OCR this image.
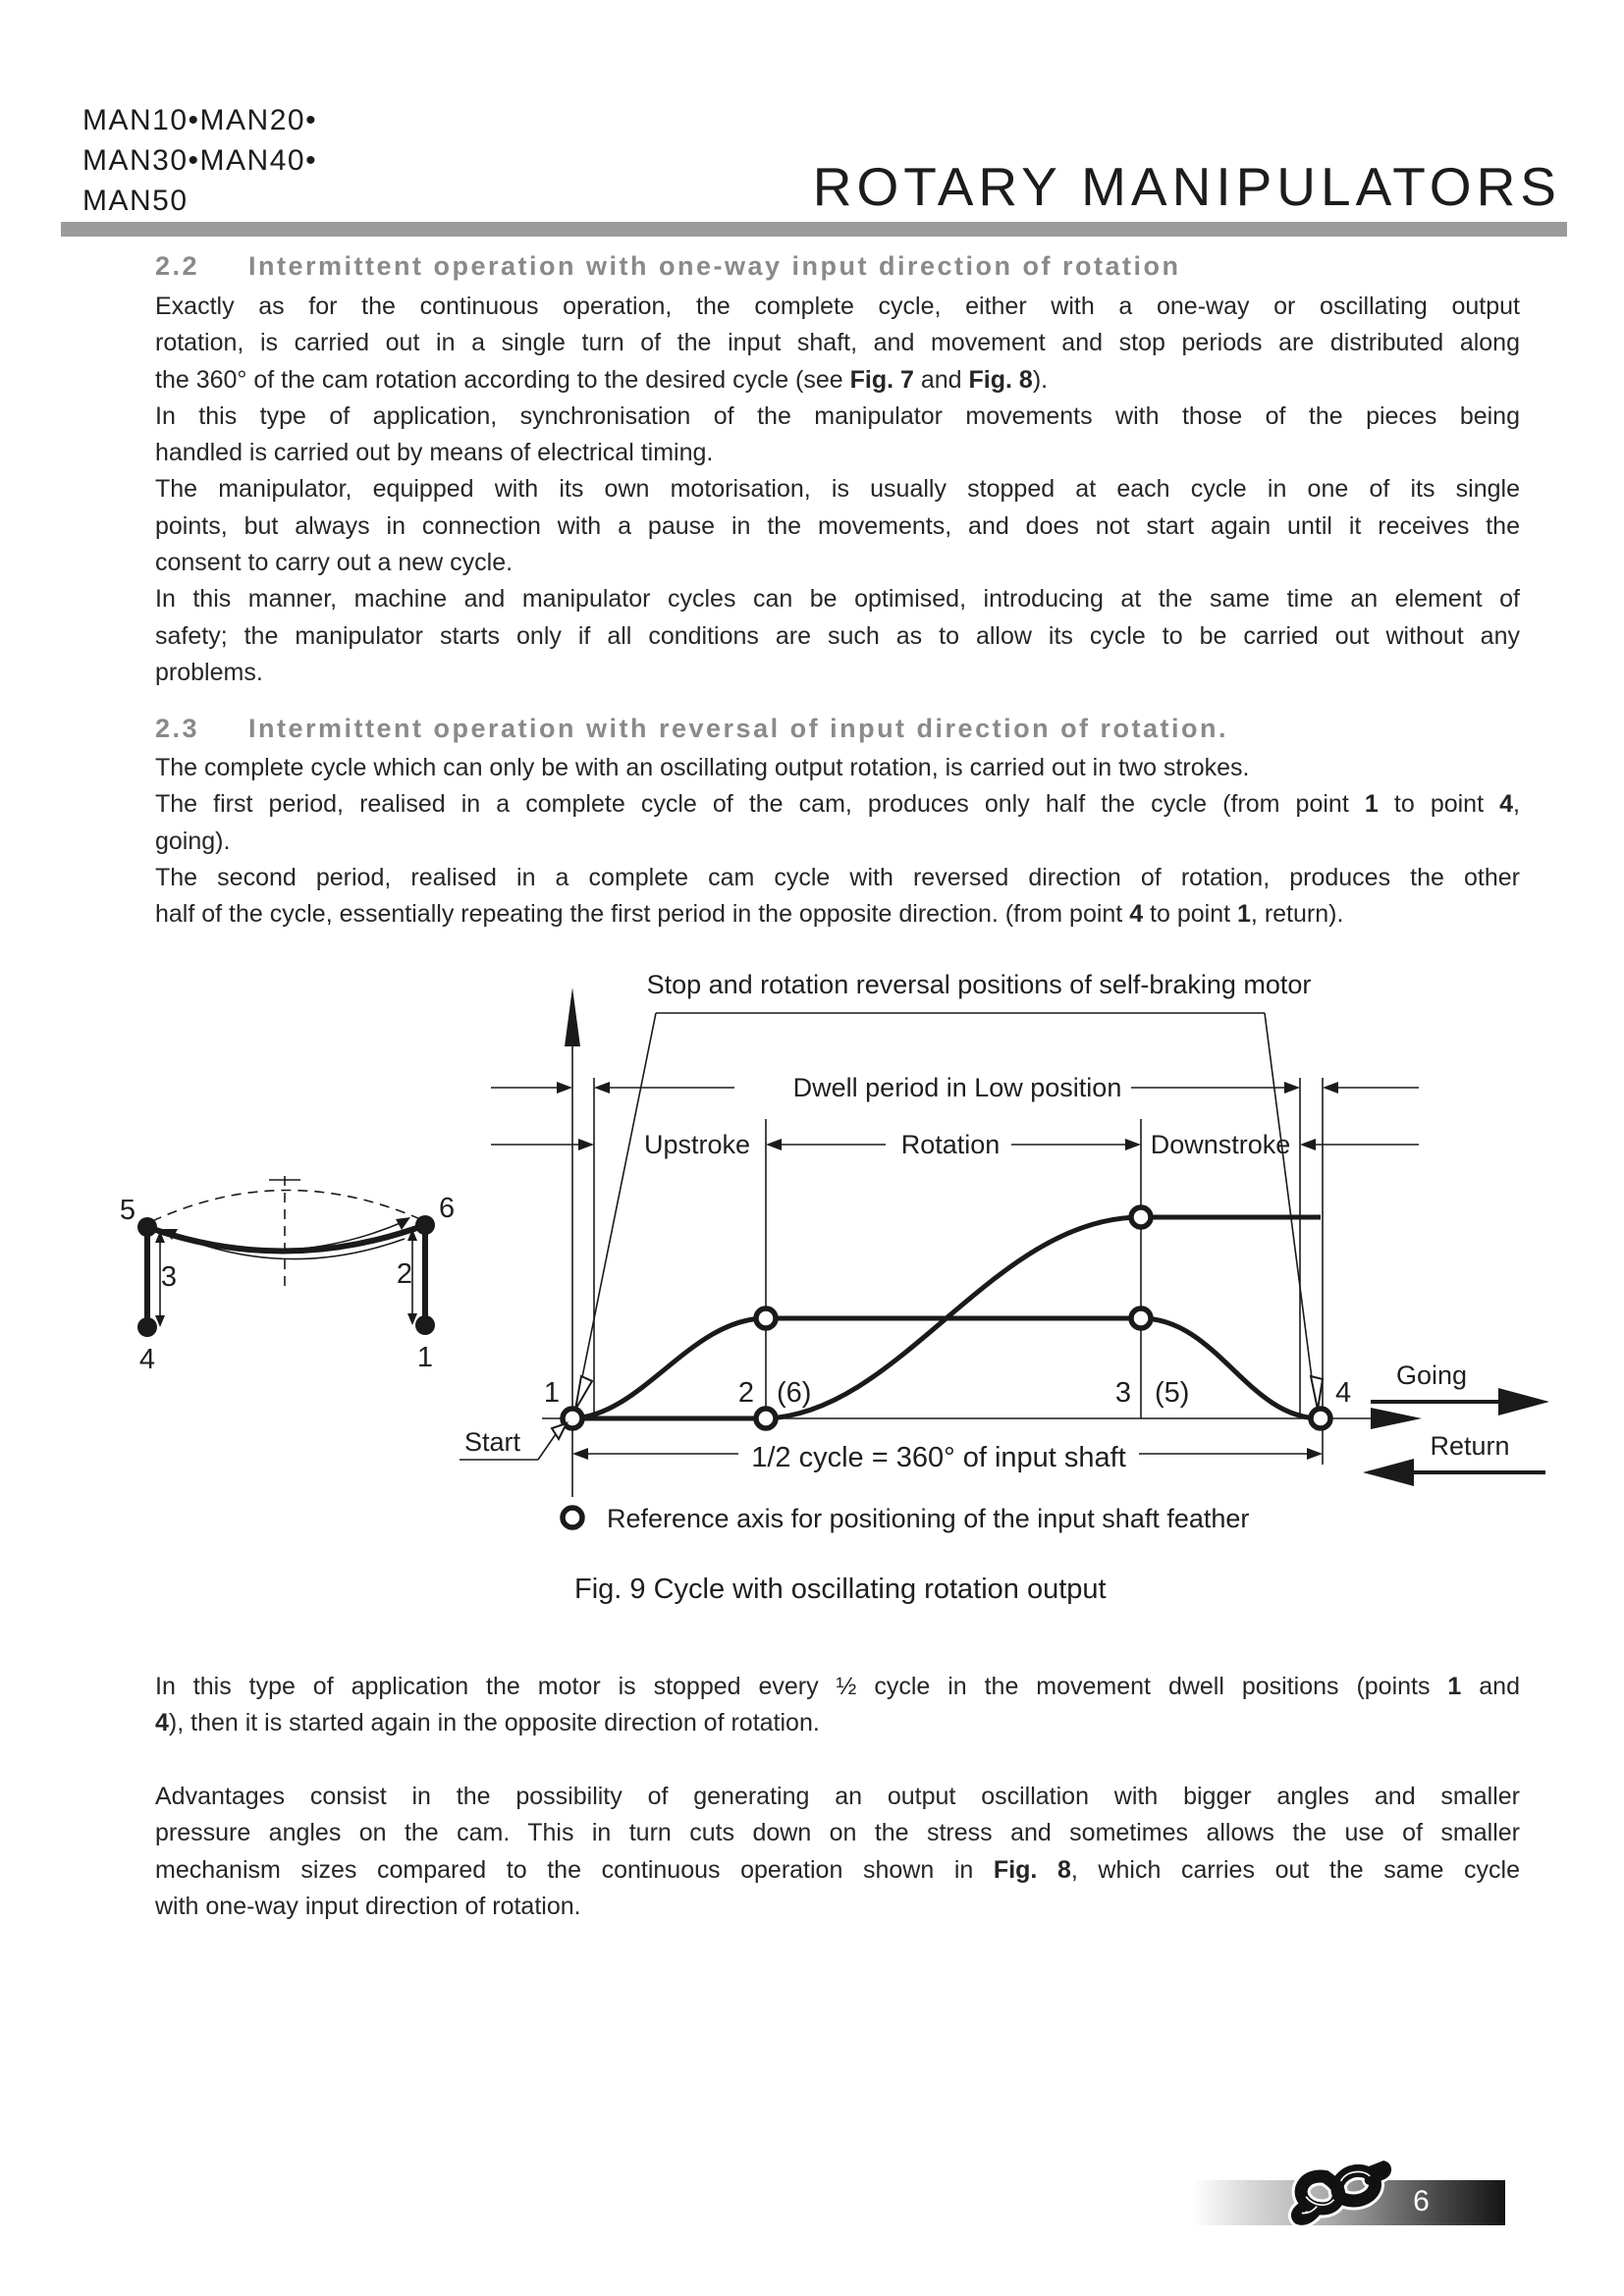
MAN10•MAN20•
MAN30•MAN40•
MAN50	ROTARY MANIPULATORS
2.2	Intermittent operation with one-way input direction of rotation
Exactly as for the continuous operation, the complete cycle, either with a one-way or oscillating output
rotation, is carried out in a single turn of the input shaft, and movement and stop periods are distributed along
the 360° of the cam rotation according to the desired cycle (see Fig. 7 and Fig. 8).
In this type of application, synchronisation of the manipulator movements with those of the pieces being
handled is carried out by means of electrical timing.
The manipulator, equipped with its own motorisation, is usually stopped at each cycle in one of its single
points, but always in connection with a pause in the movements, and does not start again until it receives the
consent to carry out a new cycle.
In this manner, machine and manipulator cycles can be optimised, introducing at the same time an element of
safety; the manipulator starts only if all conditions are such as to allow its cycle to be carried out without any
problems.
2.3	Intermittent operation with reversal of input direction of rotation.
The complete cycle which can only be with an oscillating output rotation, is carried out in two strokes.
The first period, realised in a complete cycle of the cam, produces only half the cycle (from point 1 to point 4,
going).
The second period, realised in a complete cam cycle with reversed direction of rotation, produces the other
half of the cycle, essentially repeating the first period in the opposite direction. (from point 4 to point 1, return).
5	6
3	2
4	1
Stop and rotation reversal positions of self-braking motor
Dwell period in Low position
Upstroke	Rotation	Downstroke
1	2 (6)	3 (5)	4
Start	1/2 cycle = 360° of input shaft
Reference axis for positioning of the input shaft feather
Fig. 9 Cycle with oscillating rotation output
Going
Return
In this type of application the motor is stopped every ½ cycle in the movement dwell positions (points 1 and
4), then it is started again in the opposite direction of rotation.
Advantages consist in the possibility of generating an output oscillation with bigger angles and smaller
pressure angles on the cam. This in turn cuts down on the stress and sometimes allows the use of smaller
mechanism sizes compared to the continuous operation shown in Fig. 8, which carries out the same cycle
with one-way input direction of rotation.
6
